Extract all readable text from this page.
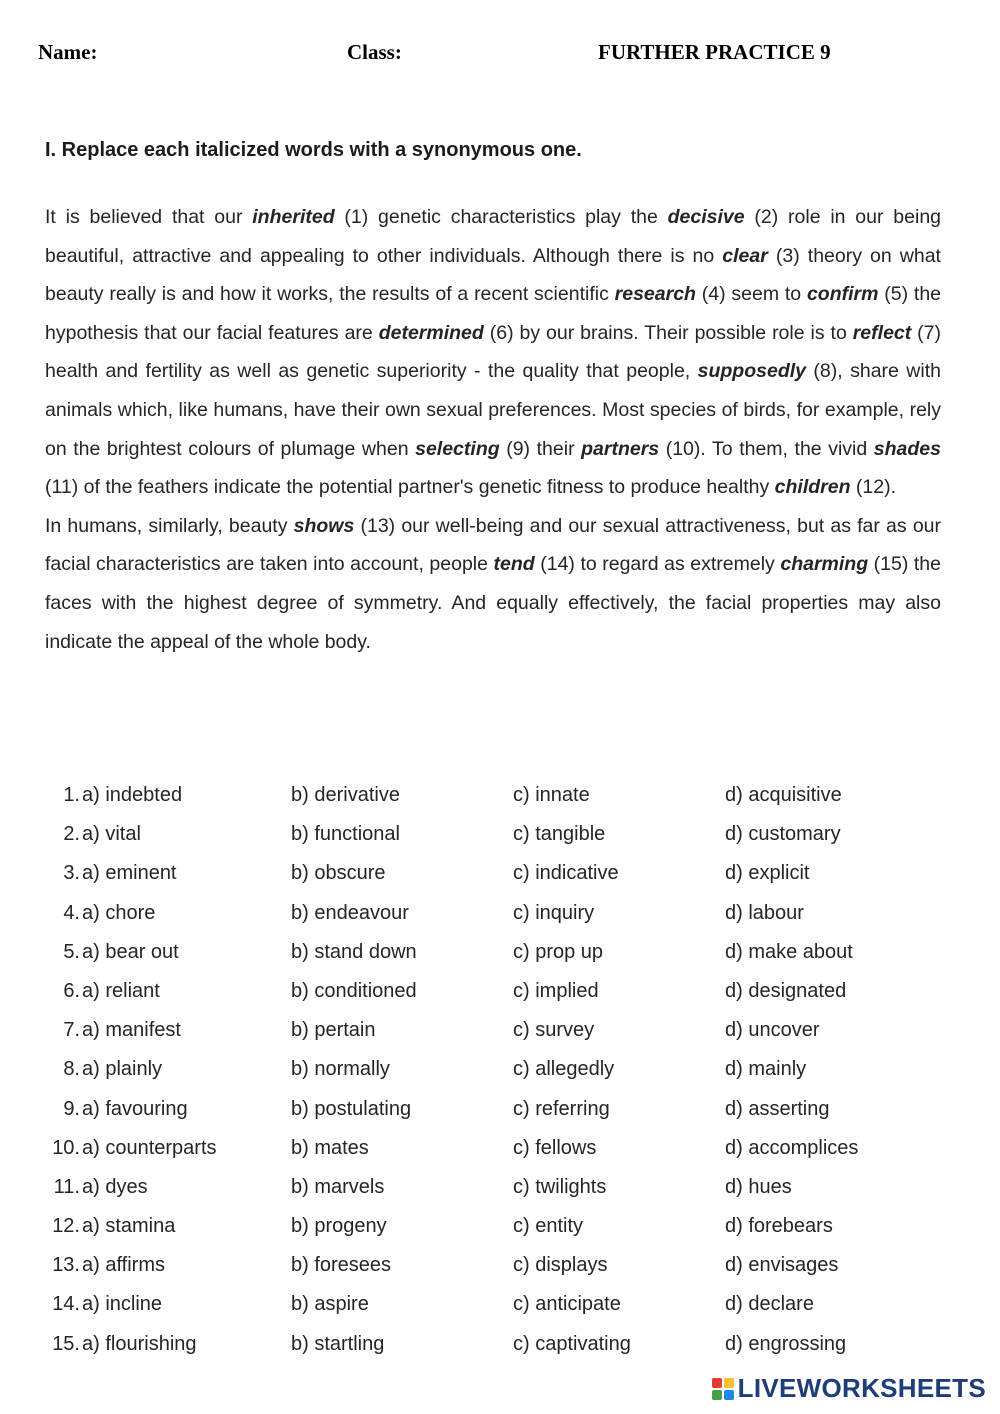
Name:	Class:	FURTHER PRACTICE 9
I. Replace each italicized words with a synonymous one.

It is believed that our inherited (1) genetic characteristics play the decisive (2) role in our being beautiful, attractive and appealing to other individuals. Although there is no clear (3) theory on what beauty really is and how it works, the results of a recent scientific research (4) seem to confirm (5) the hypothesis that our facial features are determined (6) by our brains. Their possible role is to reflect (7) health and fertility as well as genetic superiority - the quality that people, supposedly (8), share with animals which, like humans, have their own sexual preferences. Most species of birds, for example, rely on the brightest colours of plumage when selecting (9) their partners (10). To them, the vivid shades (11) of the feathers indicate the potential partner's genetic fitness to produce healthy children (12).

In humans, similarly, beauty shows (13) our well-being and our sexual attractiveness, but as far as our facial characteristics are taken into account, people tend (14) to regard as extremely charming (15) the faces with the highest degree of symmetry. And equally effectively, the facial properties may also indicate the appeal of the whole body.

1. a) indebted	b) derivative	c) innate	d) acquisitive
2. a) vital	b) functional	c) tangible	d) customary
3. a) eminent	b) obscure	c) indicative	d) explicit
4. a) chore	b) endeavour	c) inquiry	d) labour
5. a) bear out	b) stand down	c) prop up	d) make about
6. a) reliant	b) conditioned	c) implied	d) designated
7. a) manifest	b) pertain	c) survey	d) uncover
8. a) plainly	b) normally	c) allegedly	d) mainly
9. a) favouring	b) postulating	c) referring	d) asserting
10. a) counterparts	b) mates	c) fellows	d) accomplices
11. a) dyes	b) marvels	c) twilights	d) hues
12. a) stamina	b) progeny	c) entity	d) forebears
13. a) affirms	b) foresees	c) displays	d) envisages
14. a) incline	b) aspire	c) anticipate	d) declare
15. a) flourishing	b) startling	c) captivating	d) engrossing
LIVEWORKSHEETS
